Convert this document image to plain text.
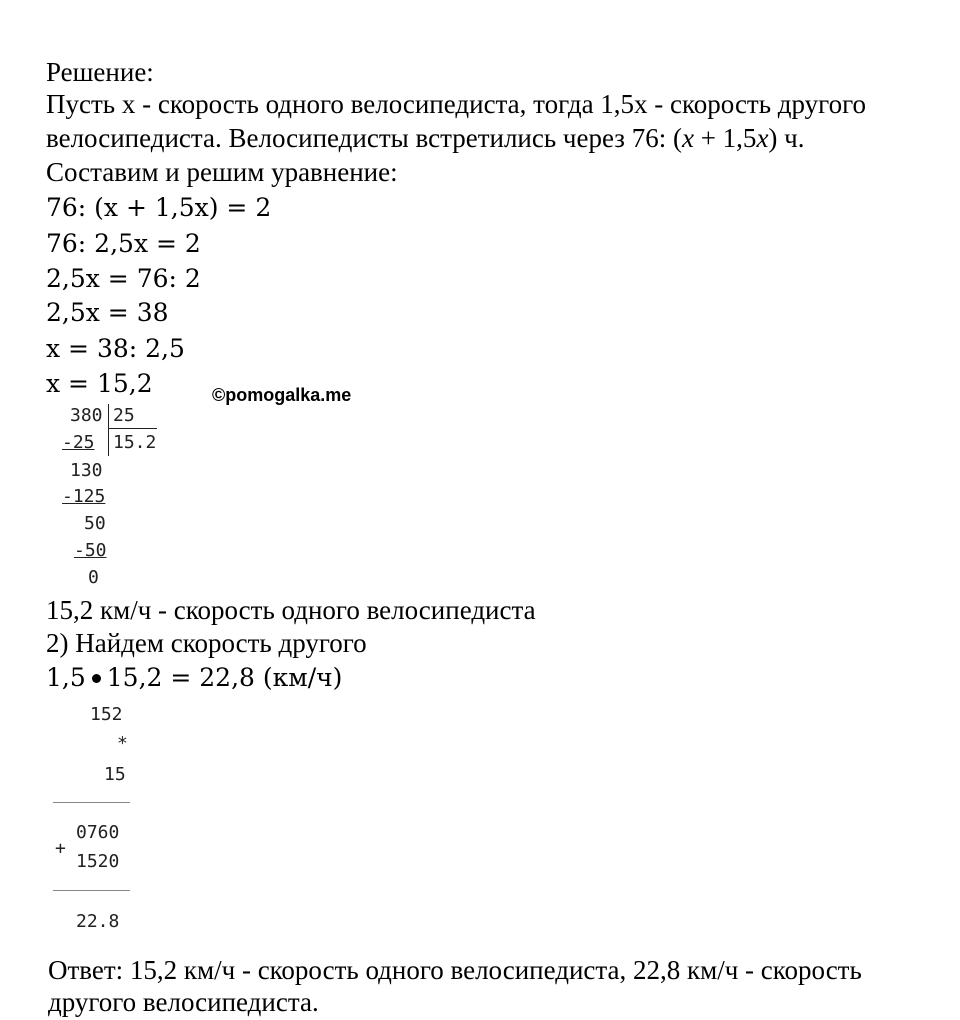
Решение:
Пусть х - скорость одного велосипедиста, тогда 1,5х - скорость другого
велосипедиста. Велосипедисты встретились через 76: (x + 1,5x) ч.
Составим и решим уравнение:
76: (x + 1,5x) = 2
76: 2,5x = 2
2,5x = 76: 2
2,5x = 38
x = 38: 2,5
x = 15,2	©pomogalka.me
380 25
-25 15.2
130
-125
50
-50
0
15,2 км/ч - скорость одного велосипедиста
2) Найдем скорость другого
1,5 15,2 = 22,8 (км/ч)
152
*
15
0760
+
1520
22.8
Ответ: 15,2 км/ч - скорость одного велосипедиста, 22,8 км/ч - скорость
другого велосипедиста.
